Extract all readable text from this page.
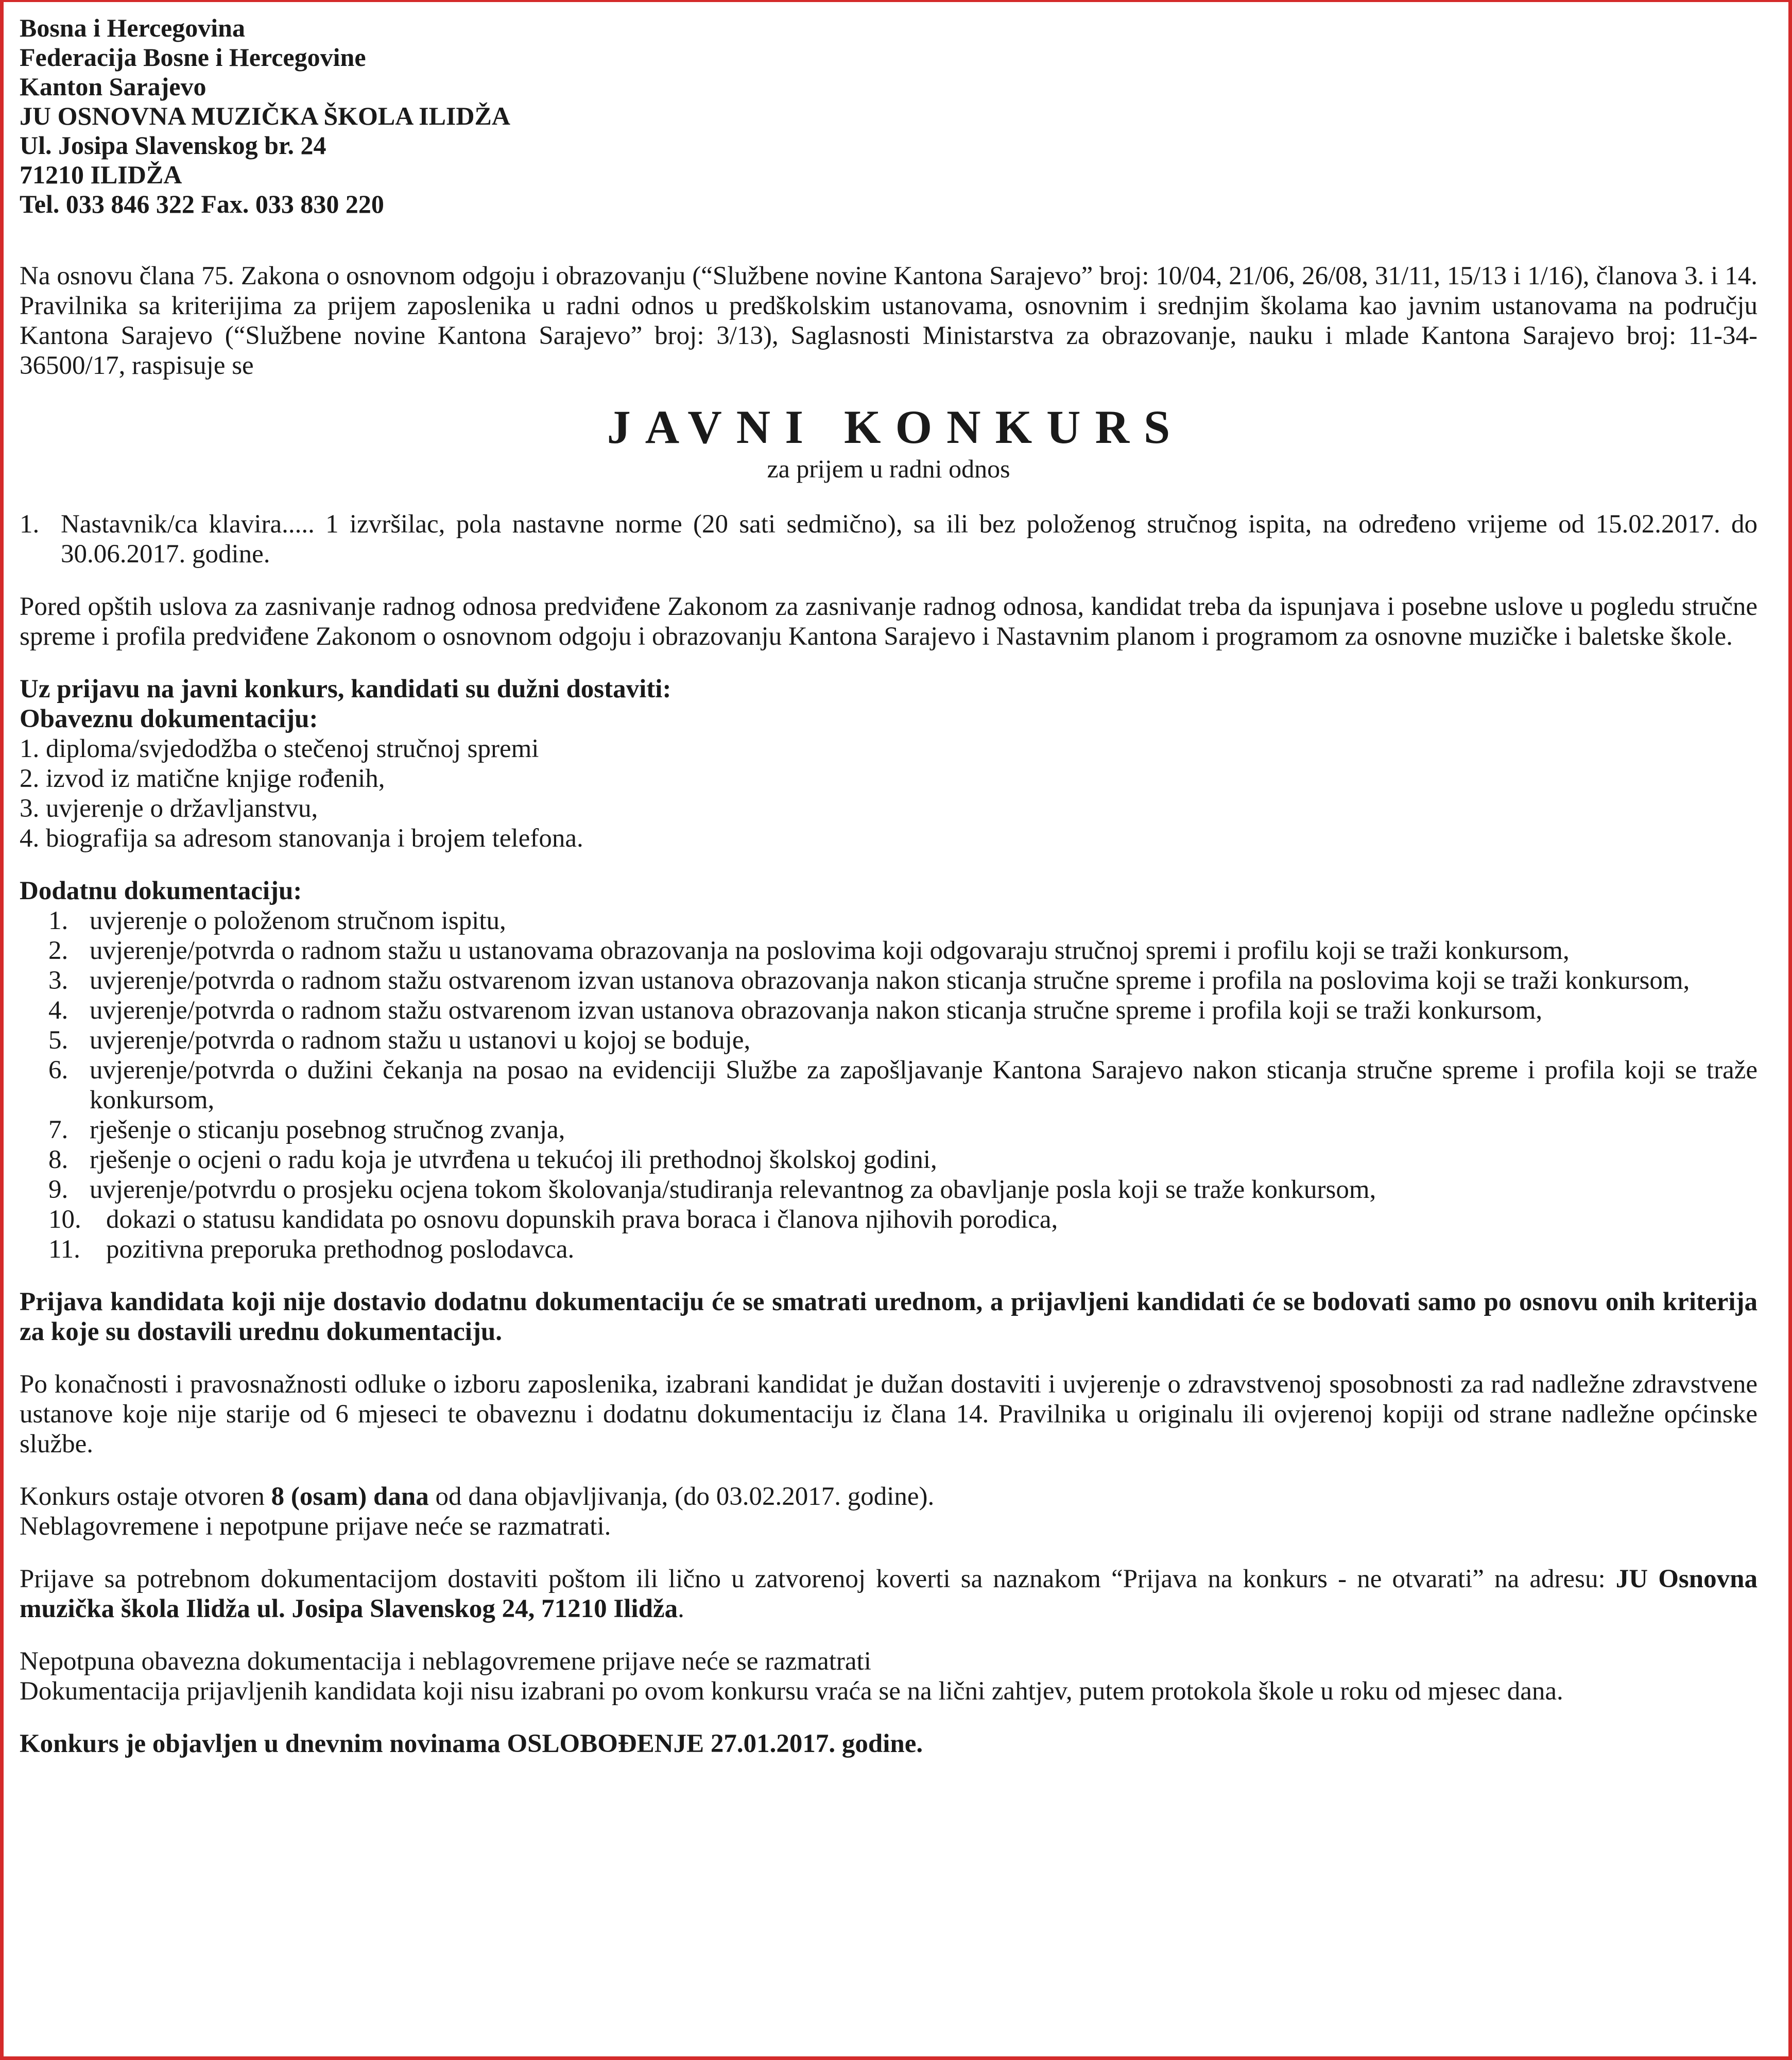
Bosna i Hercegovina
Federacija Bosne i Hercegovine
Kanton Sarajevo
JU OSNOVNA MUZIČKA ŠKOLA ILIDŽA
Ul. Josipa Slavenskog br. 24
71210 ILIDŽA
Tel. 033 846 322 Fax. 033 830 220

Na osnovu člana 75. Zakona o osnovnom odgoju i obrazovanju (“Službene novine Kantona Sarajevo” broj: 10/04, 21/06, 26/08, 31/11, 15/13 i 1/16), članova 3. i 14. Pravilnika sa kriterijima za prijem zaposlenika u radni odnos u predškolskim ustanovama, osnovnim i srednjim školama kao javnim ustanovama na području Kantona Sarajevo (“Službene novine Kantona Sarajevo” broj: 3/13), Saglasnosti Ministarstva za obrazovanje, nauku i mlade Kantona Sarajevo broj: 11-34-36500/17, raspisuje se

JAVNI KONKURS
za prijem u radni odnos
1. Nastavnik/ca klavira..... 1 izvršilac, pola nastavne norme (20 sati sedmično), sa ili bez položenog stručnog ispita, na određeno vrijeme od 15.02.2017. do 30.06.2017. godine.

Pored opštih uslova za zasnivanje radnog odnosa predviđene Zakonom za zasnivanje radnog odnosa, kandidat treba da ispunjava i posebne uslove u pogledu stručne spreme i profila predviđene Zakonom o osnovnom odgoju i obrazovanju Kantona Sarajevo i Nastavnim planom i programom za osnovne muzičke i baletske škole.

Uz prijavu na javni konkurs, kandidati su dužni dostaviti:
Obaveznu dokumentaciju:
1. diploma/svjedodžba o stečenoj stručnoj spremi
2. izvod iz matične knjige rođenih,
3. uvjerenje o državljanstvu,
4. biografija sa adresom stanovanja i brojem telefona.
Dodatnu dokumentaciju:
1. uvjerenje o položenom stručnom ispitu,
2. uvjerenje/potvrda o radnom stažu u ustanovama obrazovanja na poslovima koji odgovaraju stručnoj spremi i profilu koji se traži konkursom,
3. uvjerenje/potvrda o radnom stažu ostvarenom izvan ustanova obrazovanja nakon sticanja stručne spreme i profila na poslovima koji se traži konkursom,
4. uvjerenje/potvrda o radnom stažu ostvarenom izvan ustanova obrazovanja nakon sticanja stručne spreme i profila koji se traži konkursom,
5. uvjerenje/potvrda o radnom stažu u ustanovi u kojoj se boduje,
6. uvjerenje/potvrda o dužini čekanja na posao na evidenciji Službe za zapošljavanje Kantona Sarajevo nakon sticanja stručne spreme i profila koji se traže konkursom,
7. rješenje o sticanju posebnog stručnog zvanja,
8. rješenje o ocjeni o radu koja je utvrđena u tekućoj ili prethodnoj školskoj godini,
9. uvjerenje/potvrdu o prosjeku ocjena tokom školovanja/studiranja relevantnog za obavljanje posla koji se traže konkursom,
10. dokazi o statusu kandidata po osnovu dopunskih prava boraca i članova njihovih porodica,
11. pozitivna preporuka prethodnog poslodavca.

Prijava kandidata koji nije dostavio dodatnu dokumentaciju će se smatrati urednom, a prijavljeni kandidati će se bodovati samo po osnovu onih kriterija za koje su dostavili urednu dokumentaciju.

Po konačnosti i pravosnažnosti odluke o izboru zaposlenika, izabrani kandidat je dužan dostaviti i uvjerenje o zdravstvenoj sposobnosti za rad nadležne zdravstvene ustanove koje nije starije od 6 mjeseci te obaveznu i dodatnu dokumentaciju iz člana 14. Pravilnika u originalu ili ovjerenoj kopiji od strane nadležne općinske službe.

Konkurs ostaje otvoren 8 (osam) dana od dana objavljivanja, (do 03.02.2017. godine).

Neblagovremene i nepotpune prijave neće se razmatrati.

Prijave sa potrebnom dokumentacijom dostaviti poštom ili lično u zatvorenoj koverti sa naznakom “Prijava na konkurs - ne otvarati” na adresu: JU Osnovna muzička škola Ilidža ul. Josipa Slavenskog 24, 71210 Ilidža.

Nepotpuna obavezna dokumentacija i neblagovremene prijave neće se razmatrati

Dokumentacija prijavljenih kandidata koji nisu izabrani po ovom konkursu vraća se na lični zahtjev, putem protokola škole u roku od mjesec dana.

Konkurs je objavljen u dnevnim novinama OSLOBOĐENJE 27.01.2017. godine.
